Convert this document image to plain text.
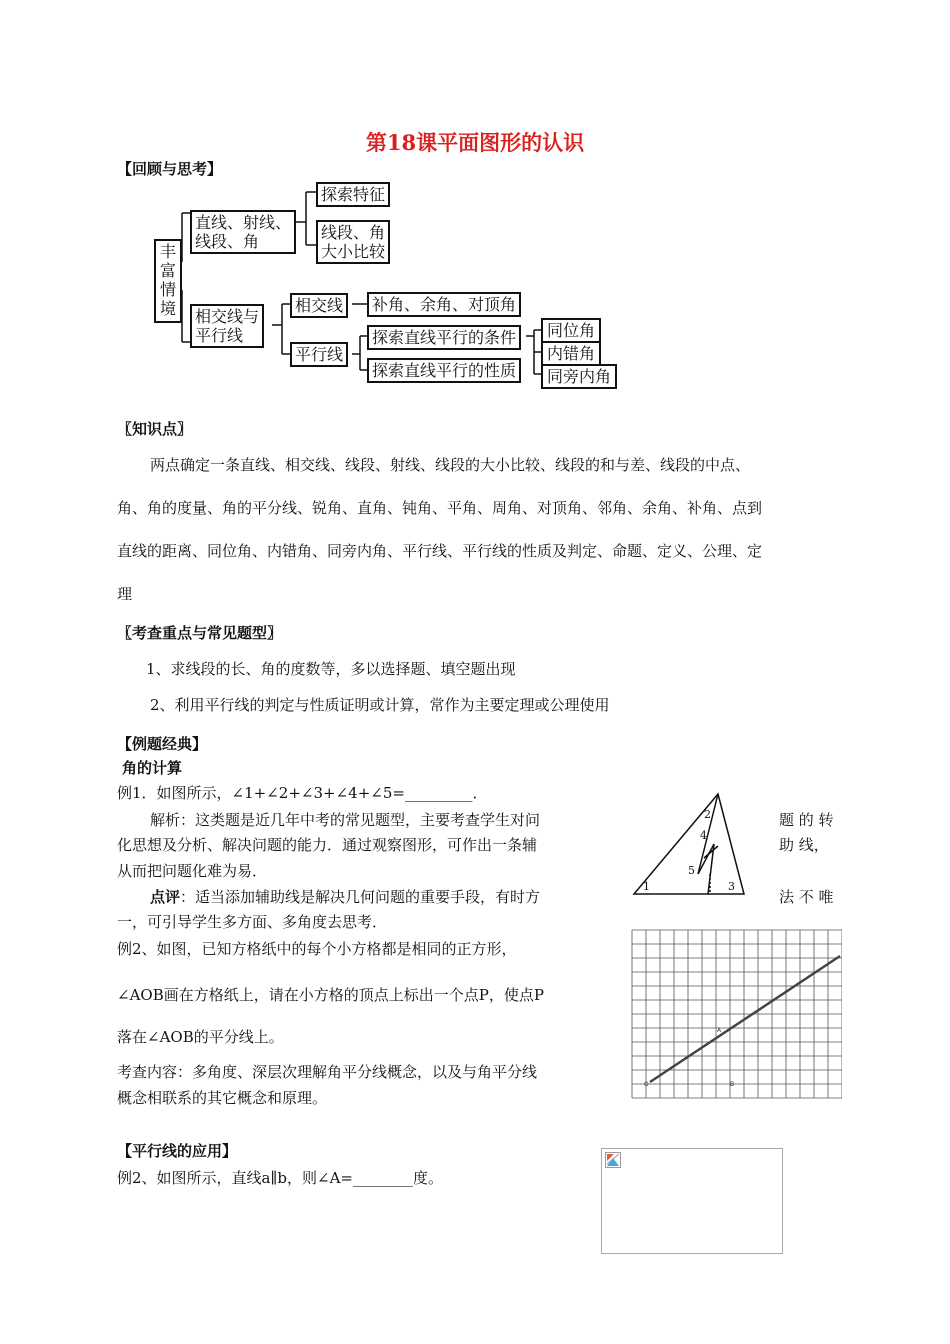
第18课平面图形的认识
【回顾与思考】
丰
富
情
境
直线、射线、
线段、角
探索特征
线段、角
大小比较
相交线与
平行线
相交线	补角、余角、对顶角
平行线
探索直线平行的条件
探索直线平行的性质
同位角
内错角
同旁内角
〖知识点〗
两点确定一条直线、相交线、线段、射线、线段的大小比较、线段的和与差、线段的中点、
角、角的度量、角的平分线、锐角、直角、钝角、平角、周角、对顶角、邻角、余角、补角、点到
直线的距离、同位角、内错角、同旁内角、平行线、平行线的性质及判定、命题、定义、公理、定
理
〖考查重点与常见题型〗
1、求线段的长、角的度数等，多以选择题、填空题出现
2、利用平行线的判定与性质证明或计算，常作为主要定理或公理使用
【例题经典】
角的计算
例1．如图所示，∠1+∠2+∠3+∠4+∠5=_________．
解析：这类题是近几年中考的常见题型，主要考查学生对问
化思想及分析、解决问题的能力．通过观察图形，可作出一条辅
从而把问题化难为易．
题 的 转
助 线，
点评：适当添加辅助线是解决几何问题的重要手段，有时方
一，可引导学生多方面、多角度去思考．
法 不 唯
1
2
3
4
5
例2、如图，已知方格纸中的每个小方格都是相同的正方形，
∠AOB画在方格纸上，请在小方格的顶点上标出一个点P，使点P
落在∠AOB的平分线上。
考查内容：多角度、深层次理解角平分线概念，以及与角平分线
概念相联系的其它概念和原理。
A
O	B
【平行线的应用】
例2、如图所示，直线a∥b，则∠A=________度。
